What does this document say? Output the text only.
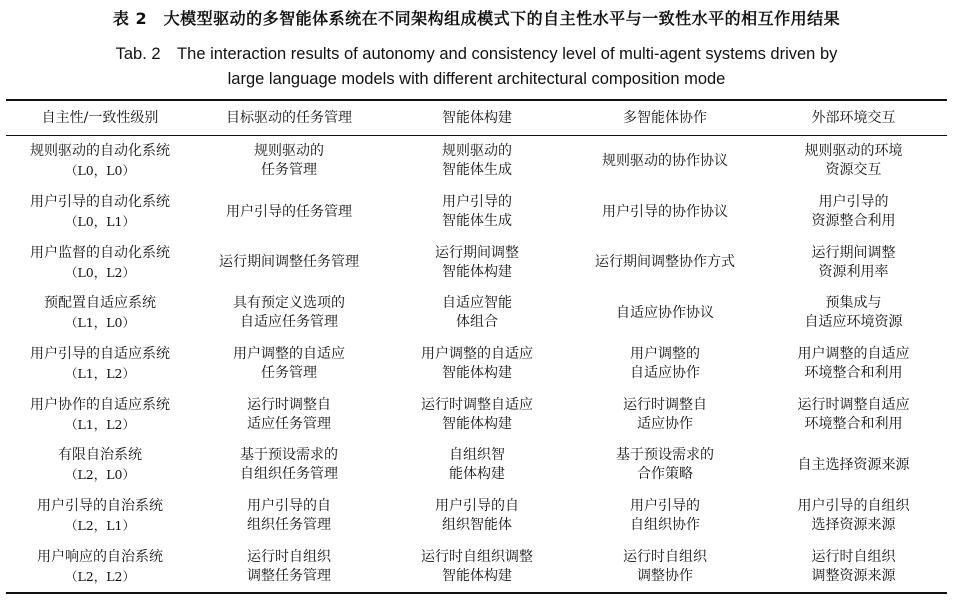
表 2　大模型驱动的多智能体系统在不同架构组成模式下的自主性水平与一致性水平的相互作用结果
Tab. 2　The interaction results of autonomy and consistency level of multi-agent systems driven by
large language models with different architectural composition mode
自主性/一致性级别	目标驱动的任务管理	智能体构建	多智能体协作	外部环境交互

规则驱动的自动化系统
（L0，L0）	规则驱动的
任务管理	规则驱动的
智能体生成	规则驱动的协作协议	规则驱动的环境
资源交互

用户引导的自动化系统
（L0，L1）	用户引导的任务管理	用户引导的
智能体生成	用户引导的协作协议	用户引导的
资源整合利用

用户监督的自动化系统
（L0，L2）	运行期间调整任务管理	运行期间调整
智能体构建	运行期间调整协作方式	运行期间调整
资源利用率

预配置自适应系统
（L1，L0）	具有预定义选项的
自适应任务管理	自适应智能
体组合	自适应协作协议	预集成与
自适应环境资源

用户引导的自适应系统
（L1，L2）	用户调整的自适应
任务管理	用户调整的自适应
智能体构建	用户调整的
自适应协作	用户调整的自适应
环境整合和利用

用户协作的自适应系统
（L1，L2）	运行时调整自
适应任务管理	运行时调整自适应
智能体构建	运行时调整自
适应协作	运行时调整自适应
环境整合和利用

有限自治系统
（L2，L0）	基于预设需求的
自组织任务管理	自组织智
能体构建	基于预设需求的
合作策略	自主选择资源来源

用户引导的自治系统
（L2，L1）	用户引导的自
组织任务管理	用户引导的自
组织智能体	用户引导的
自组织协作	用户引导的自组织
选择资源来源

用户响应的自治系统
（L2，L2）	运行时自组织
调整任务管理	运行时自组织调整
智能体构建	运行时自组织
调整协作	运行时自组织
调整资源来源
